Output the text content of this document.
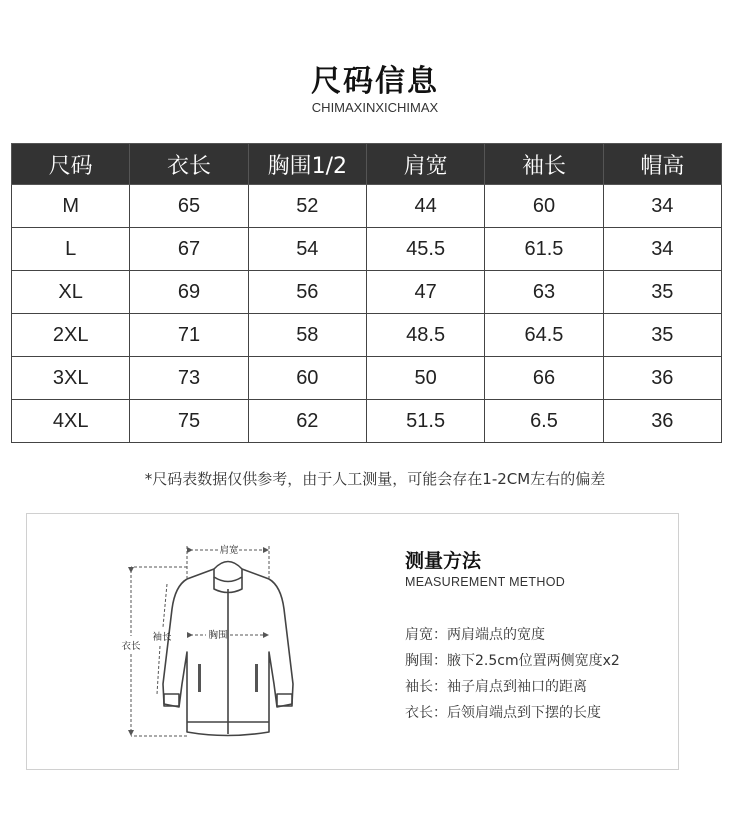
尺码信息
CHIMAXINXICHIMAX
尺码	衣长	胸围1/2	肩宽	袖长	帽高
M	65	52	44	60	34
L	67	54	45.5	61.5	34
XL	69	56	47	63	35
2XL	71	58	48.5	64.5	35
3XL	73	60	50	66	36
4XL	75	62	51.5	6.5	36
*尺码表数据仅供参考，由于人工测量，可能会存在1-2CM左右的偏差
肩宽
衣长
袖长	胸围
测量方法
MEASUREMENT METHOD
肩宽：两肩端点的宽度
胸围：腋下2.5cm位置两侧宽度x2
袖长：袖子肩点到袖口的距离
衣长：后领肩端点到下摆的长度
